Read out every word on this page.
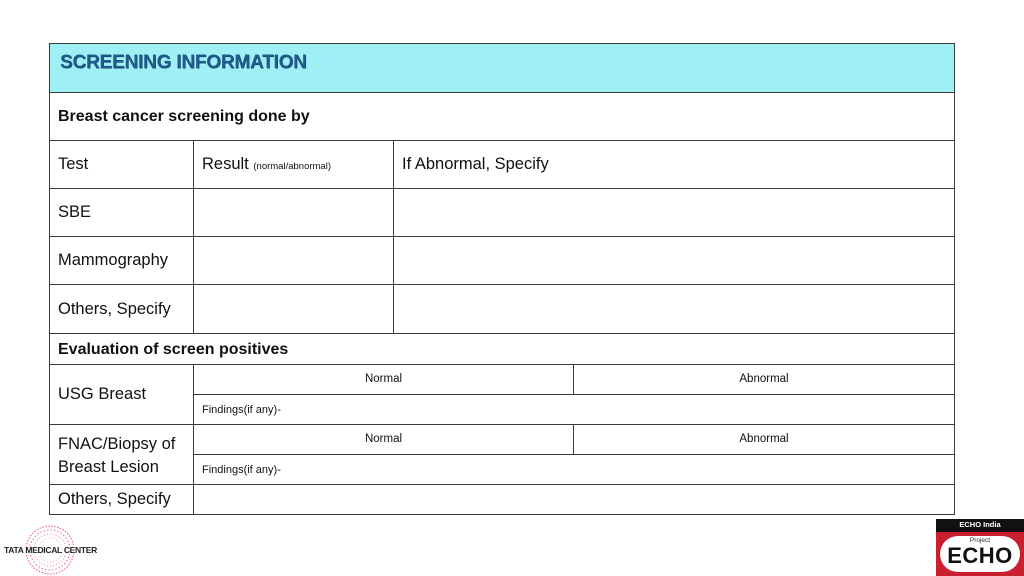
SCREENING INFORMATION
Breast cancer screening done by
Test	Result (normal/abnormal)	If Abnormal, Specify
SBE
Mammography
Others, Specify
Evaluation of screen positives
USG Breast
Normal	Abnormal
Findings(if any)-
FNAC/Biopsy of Breast Lesion
Normal	Abnormal
Findings(if any)-
Others, Specify
TATA MEDICAL CENTER
ECHO India
Project
ECHO
